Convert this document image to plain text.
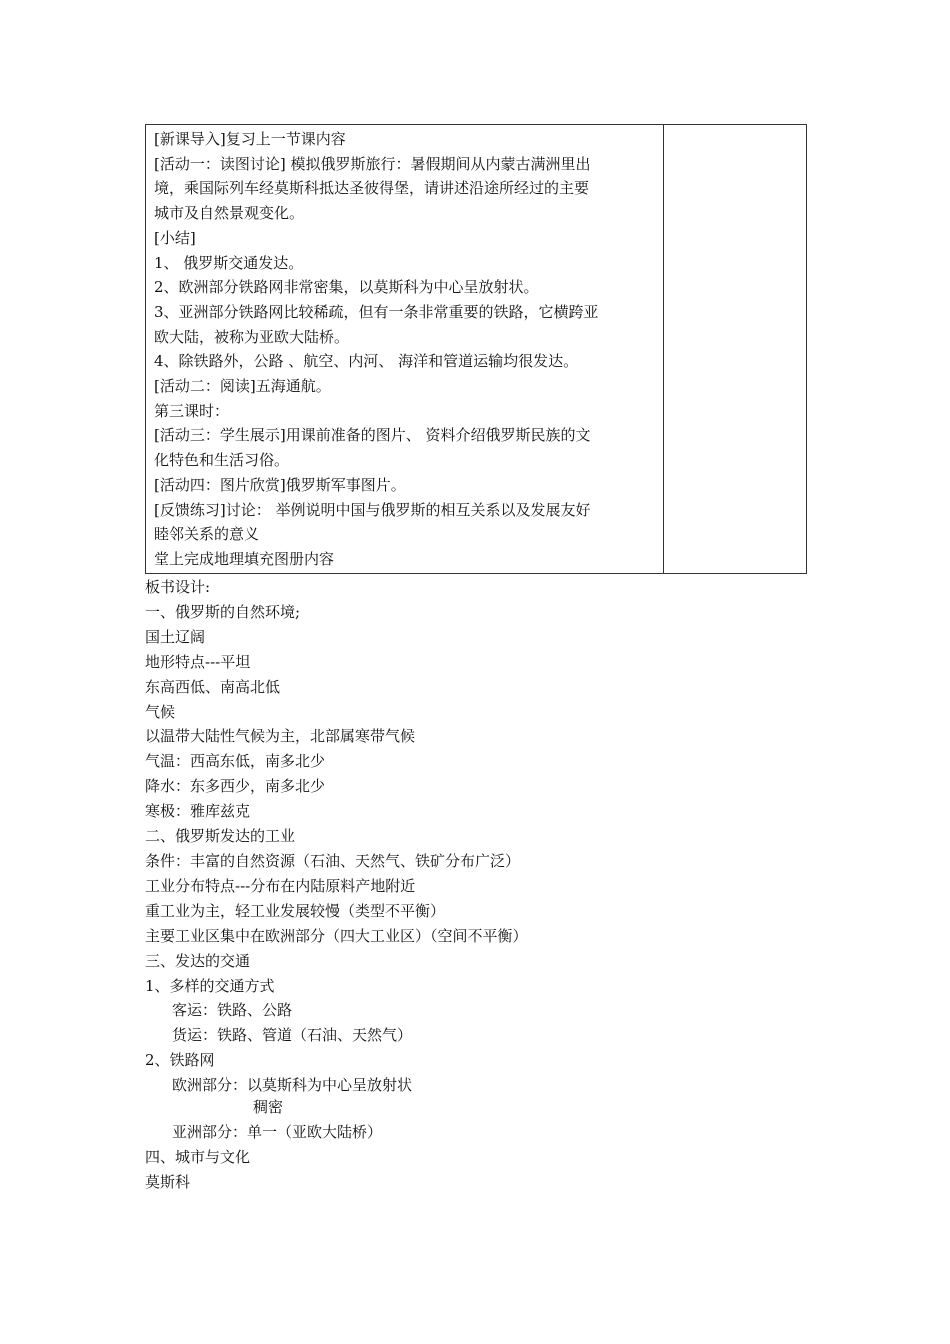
[新课导入]复习上一节课内容
[活动一：读图讨论] 模拟俄罗斯旅行：暑假期间从内蒙古满洲里出
境，乘国际列车经莫斯科抵达圣彼得堡，请讲述沿途所经过的主要
城市及自然景观变化。
[小结]
1、 俄罗斯交通发达。
2、欧洲部分铁路网非常密集，以莫斯科为中心呈放射状。
3、亚洲部分铁路网比较稀疏，但有一条非常重要的铁路，它横跨亚
欧大陆，被称为亚欧大陆桥。
4、除铁路外，公路 、航空、内河、 海洋和管道运输均很发达。
[活动二：阅读]五海通航。
第三课时：
[活动三：学生展示]用课前准备的图片、 资料介绍俄罗斯民族的文
化特色和生活习俗。
[活动四：图片欣赏]俄罗斯军事图片。
[反馈练习]讨论： 举例说明中国与俄罗斯的相互关系以及发展友好
睦邻关系的意义
堂上完成地理填充图册内容
板书设计:
一、俄罗斯的自然环境;
国土辽阔
地形特点---平坦
东高西低、南高北低
气候
以温带大陆性气候为主，北部属寒带气候
气温：西高东低，南多北少
降水：东多西少，南多北少
寒极：雅库兹克
二、俄罗斯发达的工业
条件：丰富的自然资源（石油、天然气、铁矿分布广泛）
工业分布特点---分布在内陆原料产地附近
重工业为主，轻工业发展较慢（类型不平衡）
主要工业区集中在欧洲部分（四大工业区）（空间不平衡）
三、发达的交通
1、多样的交通方式
客运：铁路、公路
货运：铁路、管道（石油、天然气）
2、铁路网
欧洲部分：以莫斯科为中心呈放射状
稠密
亚洲部分：单一（亚欧大陆桥）
四、城市与文化
莫斯科
